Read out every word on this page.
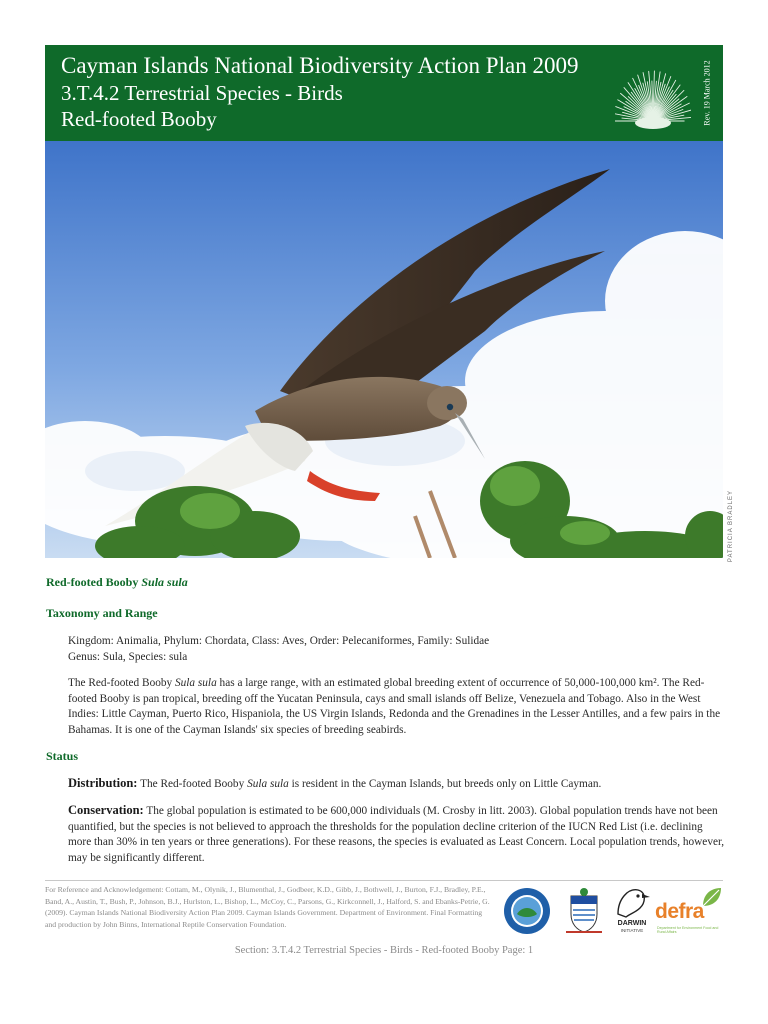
Cayman Islands National Biodiversity Action Plan 2009
3.T.4.2 Terrestrial Species - Birds
Red-footed Booby	Rev. 19 March 2012
PATRICIA BRADLEY
Red-footed Booby Sula sula
Taxonomy and Range
Kingdom: Animalia, Phylum: Chordata, Class: Aves, Order: Pelecaniformes, Family: Sulidae
Genus: Sula, Species: sula
The Red-footed Booby Sula sula has a large range, with an estimated global breeding extent of occurrence of 50,000-100,000 km². The Red-footed Booby is pan tropical, breeding off the Yucatan Peninsula, cays and small islands off Belize, Venezuela and Tobago. Also in the West Indies: Little Cayman, Puerto Rico, Hispaniola, the US Virgin Islands, Redonda and the Grenadines in the Lesser Antilles, and a few pairs in the Bahamas. It is one of the Cayman Islands' six species of breeding seabirds.
Status
Distribution: The Red-footed Booby Sula sula is resident in the Cayman Islands, but breeds only on Little Cayman.
Conservation: The global population is estimated to be 600,000 individuals (M. Crosby in litt. 2003). Global population trends have not been quantified, but the species is not believed to approach the thresholds for the population decline criterion of the IUCN Red List (i.e. declining more than 30% in ten years or three generations). For these reasons, the species is evaluated as Least Concern. Local population trends, however, may be significantly different.
For Reference and Acknowledgement: Cottam, M., Olynik, J., Blumenthal, J., Godbeer, K.D., Gibb, J., Bothwell, J., Burton, F.J., Bradley, P.E., Band, A., Austin, T., Bush, P., Johnson, B.J., Hurlston, L., Bishop, L., McCoy, C., Parsons, G., Kirkconnell, J., Halford, S. and Ebanks-Petrie, G. (2009). Cayman Islands National Biodiversity Action Plan 2009. Cayman Islands Government. Department of Environment. Final Formatting and production by John Binns, International Reptile Conservation Foundation.	DARWIN
INITIATIVE
defra
Department for Environment Food and Rural Affairs
Section: 3.T.4.2 Terrestrial Species - Birds - Red-footed Booby Page: 1
